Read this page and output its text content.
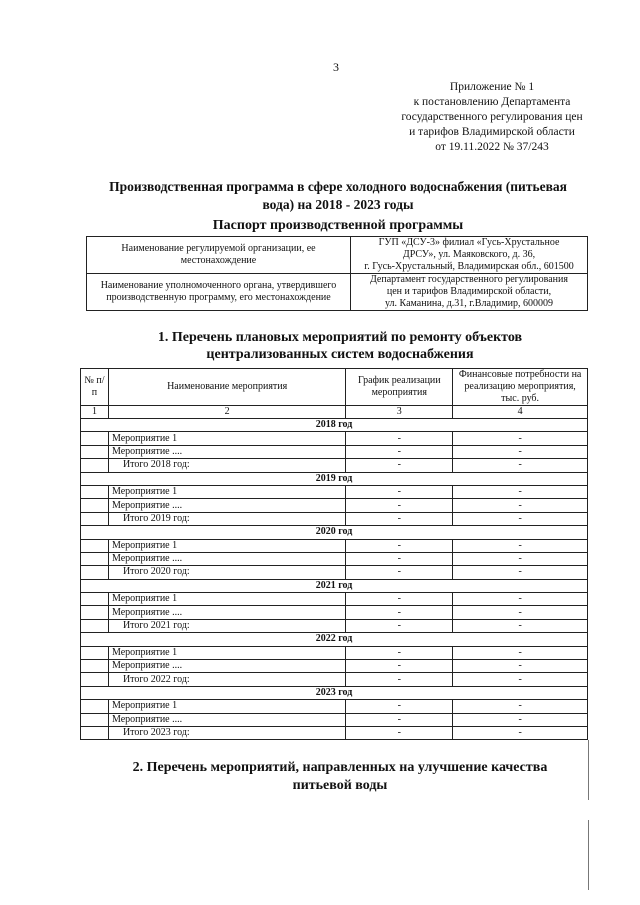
3
Приложение № 1
к постановлению Департамента
государственного регулирования цен
и тарифов Владимирской области
от 19.11.2022 № 37/243
Производственная программа в сфере холодного водоснабжения (питьевая
вода) на 2018 - 2023 годы
Паспорт производственной программы
Наименование регулируемой организации, ее местонахождение	ГУП «ДСУ-3» филиал «Гусь-Хрустальное
ДРСУ», ул. Маяковского, д. 36,
г. Гусь-Хрустальный, Владимирская обл., 601500

Наименование уполномоченного органа, утвердившего производственную программу, его местонахождение	Департамент государственного регулирования
цен и тарифов Владимирской области,
ул. Каманина, д.31, г.Владимир, 600009
1. Перечень плановых мероприятий по ремонту объектов
централизованных систем водоснабжения
№ п/п	Наименование мероприятия	График реализации мероприятия	Финансовые потребности на реализацию мероприятия, тыс. руб.
1	2	3	4
2018 год			
	Мероприятие 1	-	-
	Мероприятие ....	-	-
	Итого 2018 год:	-	-
2019 год			
	Мероприятие 1	-	-
	Мероприятие ....	-	-
	Итого 2019 год:	-	-
2020 год			
	Мероприятие 1	-	-
	Мероприятие ....	-	-
	Итого 2020 год:	-	-
2021 год			
	Мероприятие 1	-	-
	Мероприятие ....	-	-
	Итого 2021 год:	-	-
2022 год			
	Мероприятие 1	-	-
	Мероприятие ....	-	-
	Итого 2022 год:	-	-
2023 год			
	Мероприятие 1	-	-
	Мероприятие ....	-	-
	Итого 2023 год:	-	-
2. Перечень мероприятий, направленных на улучшение качества
питьевой воды
